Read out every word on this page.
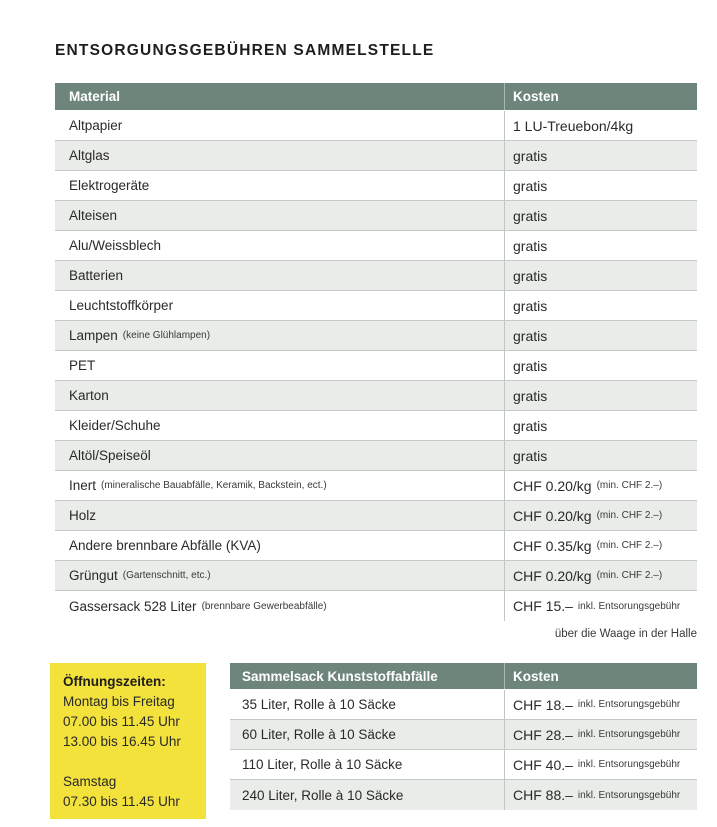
ENTSORGUNGSGEBÜHREN SAMMELSTELLE
Material	Kosten
Altpapier	1 LU-Treuebon/4kg
Altglas	gratis
Elektrogeräte	gratis
Alteisen	gratis
Alu/Weissblech	gratis
Batterien	gratis
Leuchtstoffkörper	gratis
Lampen (keine Glühlampen)	gratis
PET	gratis
Karton	gratis
Kleider/Schuhe	gratis
Altöl/Speiseöl	gratis
Inert (mineralische Bauabfälle, Keramik, Backstein, ect.)	CHF 0.20/kg (min. CHF 2.–)
Holz	CHF 0.20/kg (min. CHF 2.–)
Andere brennbare Abfälle (KVA)	CHF 0.35/kg (min. CHF 2.–)
Grüngut (Gartenschnitt, etc.)	CHF 0.20/kg (min. CHF 2.–)
Gassersack 528 Liter (brennbare Gewerbeabfälle)	CHF 15.– inkl. Entsorungsgebühr
über die Waage in der Halle
Öffnungszeiten:
Montag bis Freitag
07.00 bis 11.45 Uhr
13.00 bis 16.45 Uhr
Samstag
07.30 bis 11.45 Uhr
Sammelsack Kunststoffabfälle	Kosten
35 Liter, Rolle à 10 Säcke	CHF 18.– inkl. Entsorungsgebühr
60 Liter, Rolle à 10 Säcke	CHF 28.– inkl. Entsorungsgebühr
110 Liter, Rolle à 10 Säcke	CHF 40.– inkl. Entsorungsgebühr
240 Liter, Rolle à 10 Säcke	CHF 88.– inkl. Entsorungsgebühr
